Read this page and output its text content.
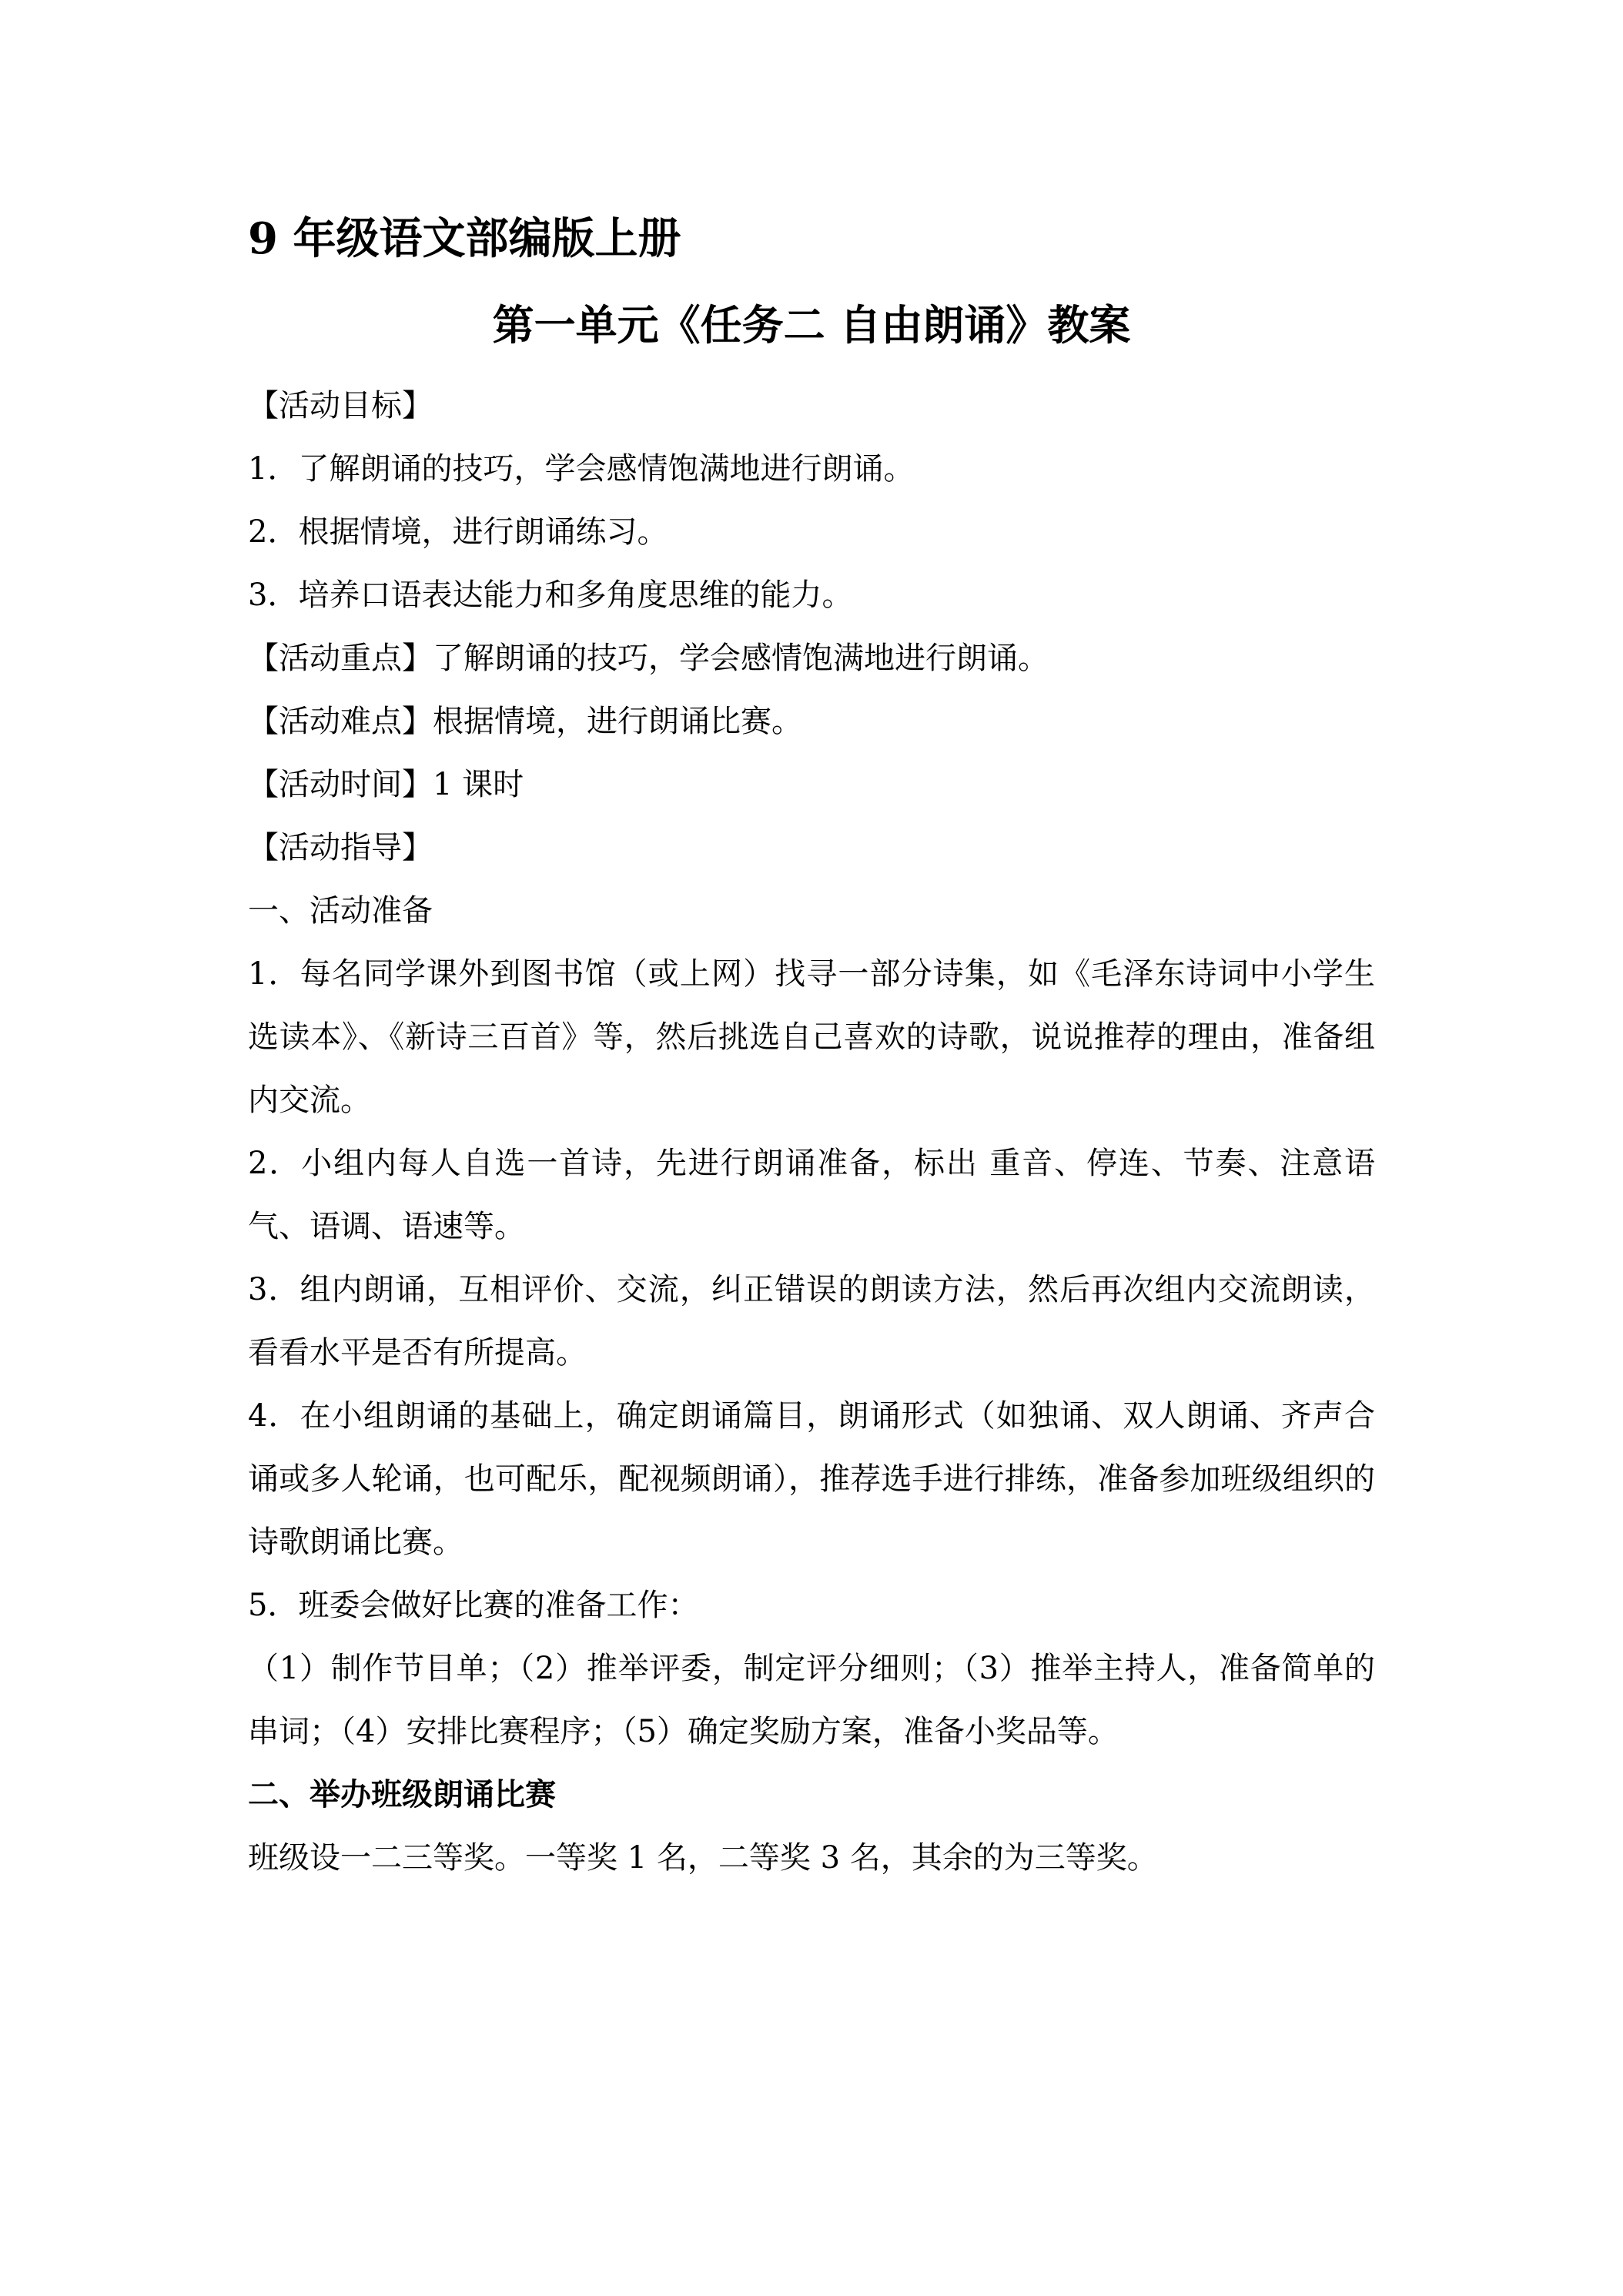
9 年级语文部编版上册
第一单元《任务二 自由朗诵》教案

【活动目标】

1．了解朗诵的技巧，学会感情饱满地进行朗诵。

2．根据情境，进行朗诵练习。

3．培养口语表达能力和多角度思维的能力。

【活动重点】了解朗诵的技巧，学会感情饱满地进行朗诵。

【活动难点】根据情境，进行朗诵比赛。

【活动时间】1 课时

【活动指导】

一、活动准备

1．每名同学课外到图书馆（或上网）找寻一部分诗集，如《毛泽东诗词中小学生选读本》、《新诗三百首》等，然后挑选自己喜欢的诗歌，说说推荐的理由，准备组内交流。

2．小组内每人自选一首诗，先进行朗诵准备，标出 重音、停连、节奏、注意语气、语调、语速等。

3．组内朗诵，互相评价、交流，纠正错误的朗读方法，然后再次组内交流朗读，看看水平是否有所提高。

4．在小组朗诵的基础上，确定朗诵篇目，朗诵形式（如独诵、双人朗诵、齐声合诵或多人轮诵，也可配乐，配视频朗诵），推荐选手进行排练，准备参加班级组织的诗歌朗诵比赛。

5．班委会做好比赛的准备工作：

（1）制作节目单；（2）推举评委，制定评分细则；（3）推举主持人，准备简单的串词；（4）安排比赛程序；（5）确定奖励方案，准备小奖品等。

二、举办班级朗诵比赛

班级设一二三等奖。一等奖 1 名，二等奖 3 名，其余的为三等奖。
